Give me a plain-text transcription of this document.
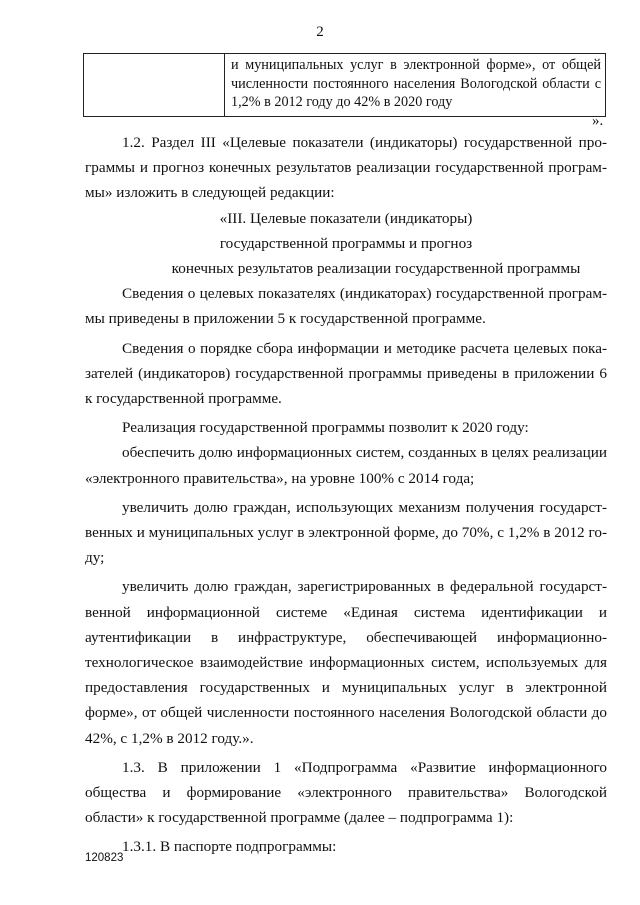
2
	и муниципальных услуг в электронной форме», от общей численности постоянного населения Вологодской области с 1,2% в 2012 году до 42% в 2020 году
».

1.2. Раздел III «Целевые показатели (индикаторы) государственной программы и прогноз конечных результатов реализации государственной программы» изложить в следующей редакции:

«III. Целевые показатели (индикаторы)

государственной программы и прогноз

конечных результатов реализации государственной программы

Сведения о целевых показателях (индикаторах) государственной программы приведены в приложении 5 к государственной программе.

Сведения о порядке сбора информации и методике расчета целевых показателей (индикаторов) государственной программы приведены в приложении 6 к государственной программе.

Реализация государственной программы позволит к 2020 году:

обеспечить долю информационных систем, созданных в целях реализации «электронного правительства», на уровне 100% с 2014 года;

увеличить долю граждан, использующих механизм получения государственных и муниципальных услуг в электронной форме, до 70%, с 1,2% в 2012 году;

увеличить долю граждан, зарегистрированных в федеральной государственной информационной системе «Единая система идентификации и аутентификации в инфраструктуре, обеспечивающей информационно-технологическое взаимодействие информационных систем, используемых для предоставления государственных и муниципальных услуг в электронной форме», от общей численности постоянного населения Вологодской области до 42%, с 1,2% в 2012 году.».

1.3. В приложении 1 «Подпрограмма «Развитие информационного общества и формирование «электронного правительства» Вологодской области» к государственной программе (далее – подпрограмма 1):

1.3.1. В паспорте подпрограммы:

120823
